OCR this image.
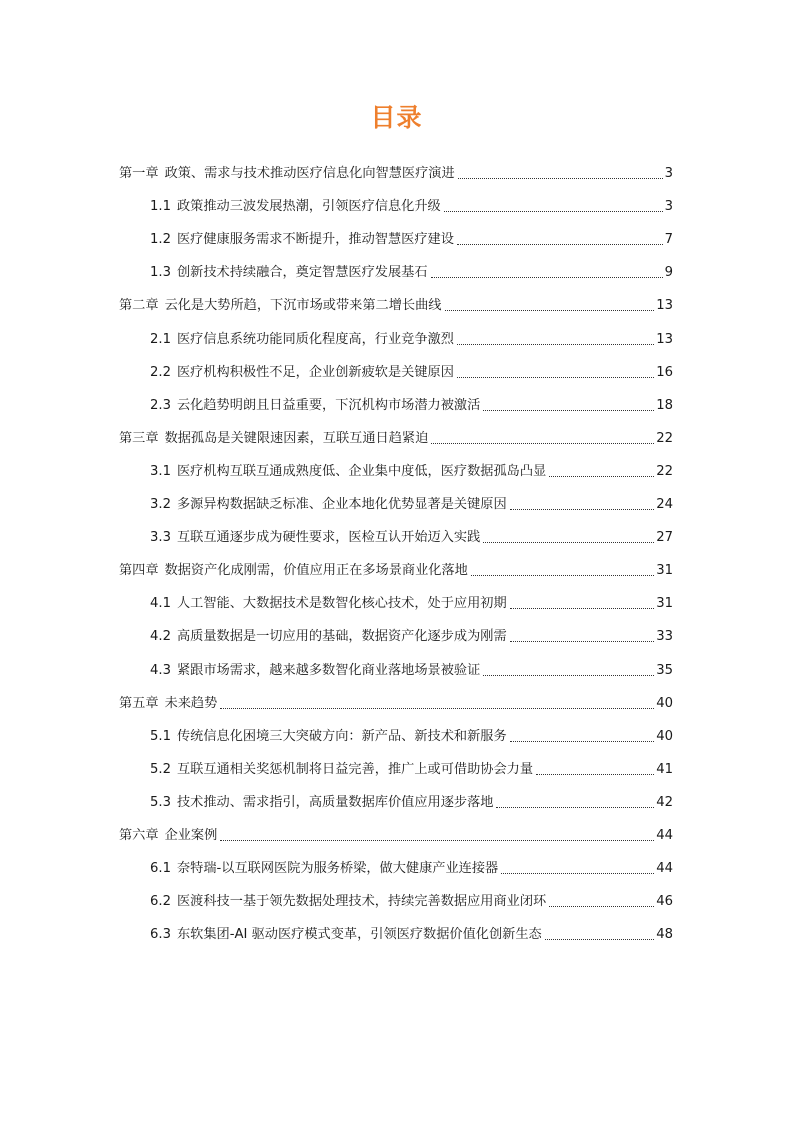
目录
第一章 政策、需求与技术推动医疗信息化向智慧医疗演进	3
1.1 政策推动三波发展热潮，引领医疗信息化升级	3
1.2 医疗健康服务需求不断提升，推动智慧医疗建设	7
1.3 创新技术持续融合，奠定智慧医疗发展基石	9
第二章 云化是大势所趋，下沉市场或带来第二增长曲线	13
2.1 医疗信息系统功能同质化程度高，行业竞争激烈	13
2.2 医疗机构积极性不足，企业创新疲软是关键原因	16
2.3 云化趋势明朗且日益重要，下沉机构市场潜力被激活	18
第三章 数据孤岛是关键限速因素，互联互通日趋紧迫	22
3.1 医疗机构互联互通成熟度低、企业集中度低，医疗数据孤岛凸显	22
3.2 多源异构数据缺乏标准、企业本地化优势显著是关键原因	24
3.3 互联互通逐步成为硬性要求，医检互认开始迈入实践	27
第四章 数据资产化成刚需，价值应用正在多场景商业化落地	31
4.1 人工智能、大数据技术是数智化核心技术，处于应用初期	31
4.2 高质量数据是一切应用的基础，数据资产化逐步成为刚需	33
4.3 紧跟市场需求，越来越多数智化商业落地场景被验证	35
第五章 未来趋势	40
5.1 传统信息化困境三大突破方向：新产品、新技术和新服务	40
5.2 互联互通相关奖惩机制将日益完善，推广上或可借助协会力量	41
5.3 技术推动、需求指引，高质量数据库价值应用逐步落地	42
第六章 企业案例	44
6.1 奈特瑞-以互联网医院为服务桥梁，做大健康产业连接器	44
6.2 医渡科技一基于领先数据处理技术，持续完善数据应用商业闭环	46
6.3 东软集团-AI 驱动医疗模式变革，引领医疗数据价值化创新生态	48
